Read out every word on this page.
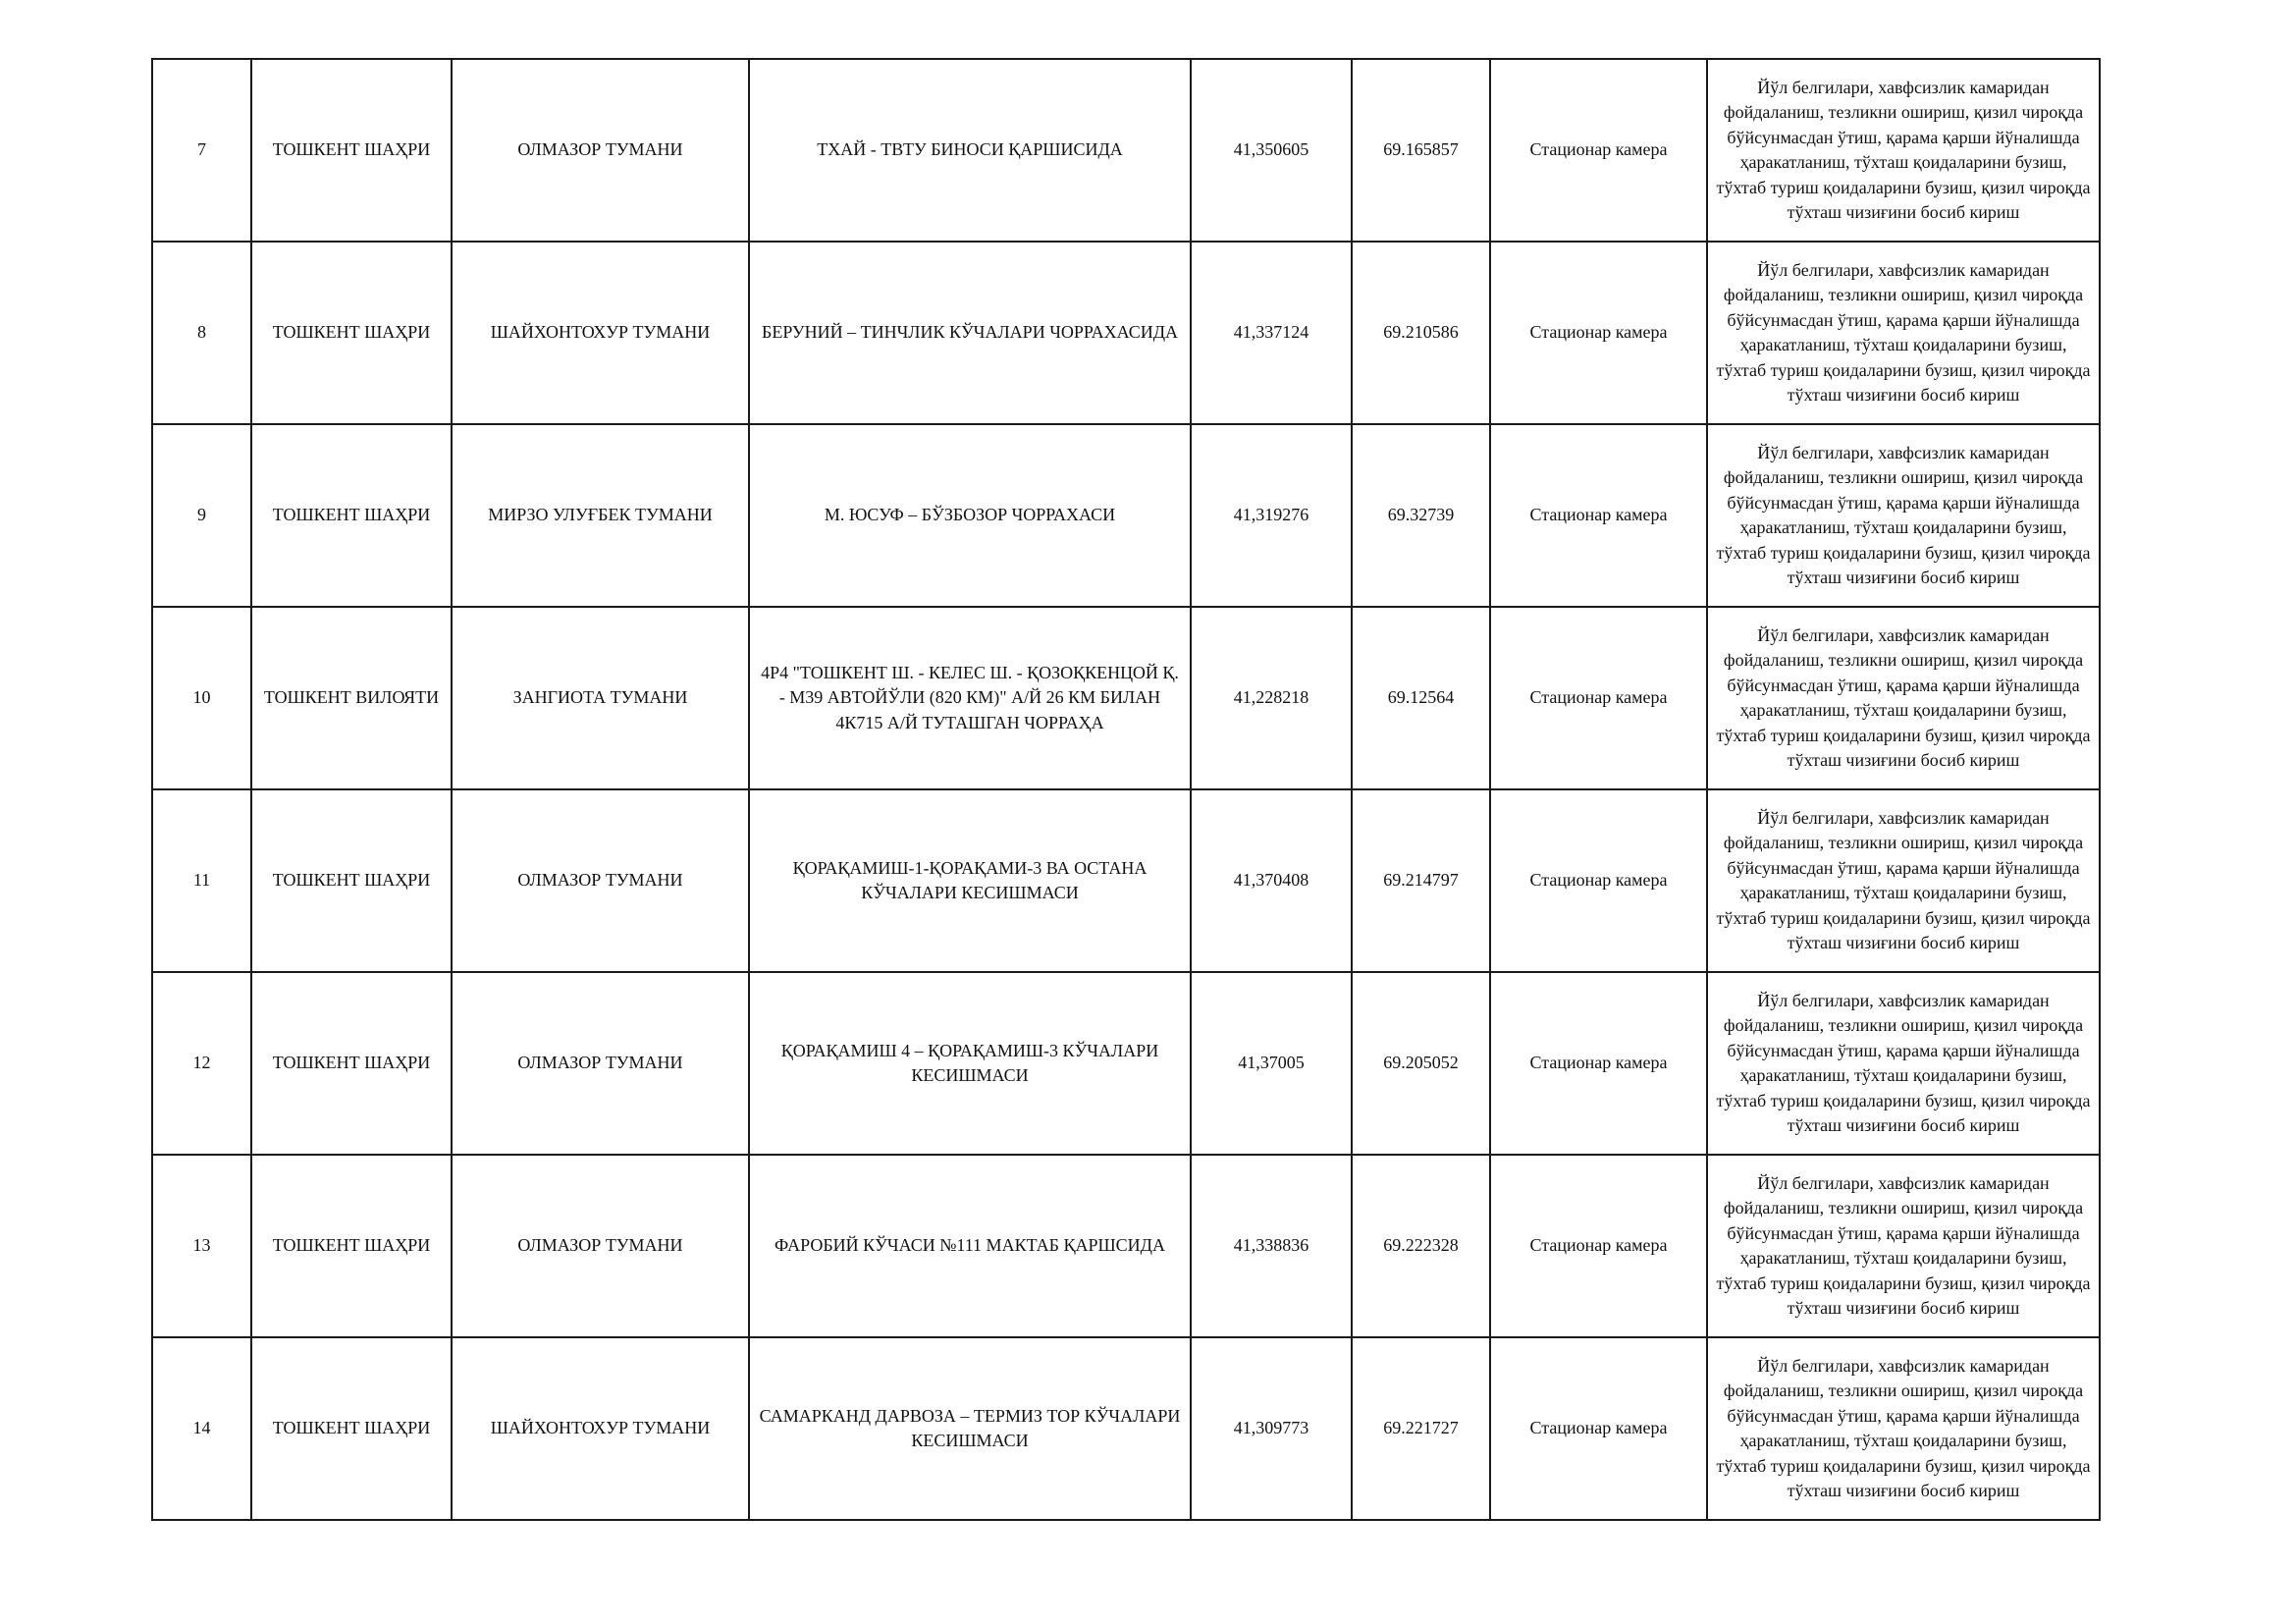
7	ТОШКЕНТ ШАҲРИ	ОЛМАЗОР ТУМАНИ	ТХАЙ - ТВТУ БИНОСИ ҚАРШИСИДА	41,350605	69.165857	Стационар камера	Йўл белгилари, хавфсизлик камаридан фойдаланиш, тезликни ошириш, қизил чироқда бўйсунмасдан ўтиш, қарама қарши йўналишда ҳаракатланиш, тўхташ қоидаларини бузиш, тўхтаб туриш қоидаларини бузиш, қизил чироқда тўхташ чизиғини босиб кириш
8	ТОШКЕНТ ШАҲРИ	ШАЙХОНТОХУР ТУМАНИ	БЕРУНИЙ – ТИНЧЛИК КЎЧАЛАРИ ЧОРРАХАСИДА	41,337124	69.210586	Стационар камера	Йўл белгилари, хавфсизлик камаридан фойдаланиш, тезликни ошириш, қизил чироқда бўйсунмасдан ўтиш, қарама қарши йўналишда ҳаракатланиш, тўхташ қоидаларини бузиш, тўхтаб туриш қоидаларини бузиш, қизил чироқда тўхташ чизиғини босиб кириш
9	ТОШКЕНТ ШАҲРИ	МИРЗО УЛУҒБЕК ТУМАНИ	М. ЮСУФ – БЎЗБОЗОР ЧОРРАХАСИ	41,319276	69.32739	Стационар камера	Йўл белгилари, хавфсизлик камаридан фойдаланиш, тезликни ошириш, қизил чироқда бўйсунмасдан ўтиш, қарама қарши йўналишда ҳаракатланиш, тўхташ қоидаларини бузиш, тўхтаб туриш қоидаларини бузиш, қизил чироқда тўхташ чизиғини босиб кириш
10	ТОШКЕНТ ВИЛОЯТИ	ЗАНГИОТА ТУМАНИ	4Р4 "ТОШКЕНТ Ш. - КЕЛЕС Ш. - ҚОЗОҚКЕНЦОЙ Қ. - М39 АВТОЙЎЛИ (820 КМ)" А/Й 26 КМ БИЛАН 4К715 А/Й ТУТАШГАН ЧОРРАҲА	41,228218	69.12564	Стационар камера	Йўл белгилари, хавфсизлик камаридан фойдаланиш, тезликни ошириш, қизил чироқда бўйсунмасдан ўтиш, қарама қарши йўналишда ҳаракатланиш, тўхташ қоидаларини бузиш, тўхтаб туриш қоидаларини бузиш, қизил чироқда тўхташ чизиғини босиб кириш
11	ТОШКЕНТ ШАҲРИ	ОЛМАЗОР ТУМАНИ	ҚОРАҚАМИШ-1-ҚОРАҚАМИ-3 ВА ОСТАНА КЎЧАЛАРИ КЕСИШМАСИ	41,370408	69.214797	Стационар камера	Йўл белгилари, хавфсизлик камаридан фойдаланиш, тезликни ошириш, қизил чироқда бўйсунмасдан ўтиш, қарама қарши йўналишда ҳаракатланиш, тўхташ қоидаларини бузиш, тўхтаб туриш қоидаларини бузиш, қизил чироқда тўхташ чизиғини босиб кириш
12	ТОШКЕНТ ШАҲРИ	ОЛМАЗОР ТУМАНИ	ҚОРАҚАМИШ 4 – ҚОРАҚАМИШ-3 КЎЧАЛАРИ КЕСИШМАСИ	41,37005	69.205052	Стационар камера	Йўл белгилари, хавфсизлик камаридан фойдаланиш, тезликни ошириш, қизил чироқда бўйсунмасдан ўтиш, қарама қарши йўналишда ҳаракатланиш, тўхташ қоидаларини бузиш, тўхтаб туриш қоидаларини бузиш, қизил чироқда тўхташ чизиғини босиб кириш
13	ТОШКЕНТ ШАҲРИ	ОЛМАЗОР ТУМАНИ	ФАРОБИЙ КЎЧАСИ №111 МАКТАБ ҚАРШСИДА	41,338836	69.222328	Стационар камера	Йўл белгилари, хавфсизлик камаридан фойдаланиш, тезликни ошириш, қизил чироқда бўйсунмасдан ўтиш, қарама қарши йўналишда ҳаракатланиш, тўхташ қоидаларини бузиш, тўхтаб туриш қоидаларини бузиш, қизил чироқда тўхташ чизиғини босиб кириш
14	ТОШКЕНТ ШАҲРИ	ШАЙХОНТОХУР ТУМАНИ	САМАРКАНД ДАРВОЗА – ТЕРМИЗ ТОР КЎЧАЛАРИ КЕСИШМАСИ	41,309773	69.221727	Стационар камера	Йўл белгилари, хавфсизлик камаридан фойдаланиш, тезликни ошириш, қизил чироқда бўйсунмасдан ўтиш, қарама қарши йўналишда ҳаракатланиш, тўхташ қоидаларини бузиш, тўхтаб туриш қоидаларини бузиш, қизил чироқда тўхташ чизиғини босиб кириш
